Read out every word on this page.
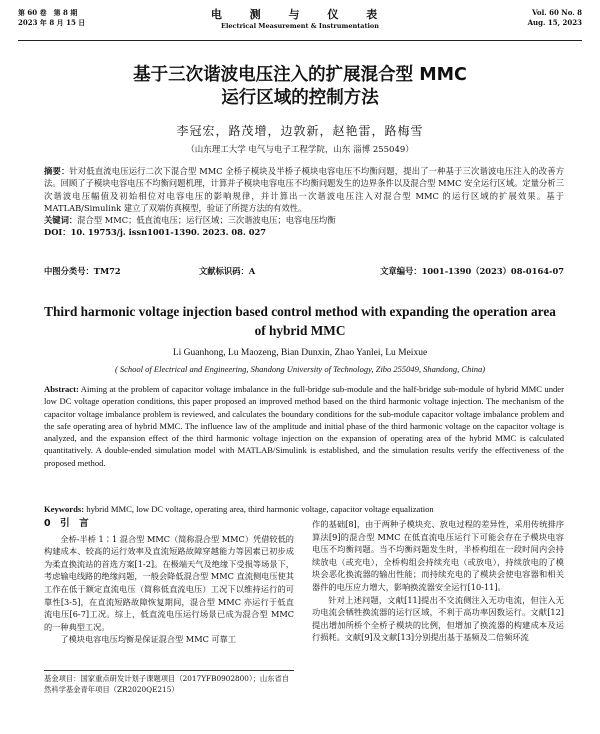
第 60 卷　第 8 期
2023 年 8 月 15 日
电 测 与 仪 表
Electrical Measurement & Instrumentation
Vol. 60 No. 8
Aug. 15, 2023
基于三次谐波电压注入的扩展混合型 MMC
运行区域的控制方法
李冠宏，路茂增，边敦新，赵艳雷，路梅雪
（山东理工大学 电气与电子工程学院，山东 淄博 255049）
摘要：针对低直流电压运行二次下混合型 MMC 全桥子模块及半桥子模块电容电压不均衡问题，提出了一种基于三次谐波电压注入的改善方法。回顾了子模块电容电压不均衡问题机理，计算并子模块电容电压不均衡问题发生的边界条件以及混合型 MMC 安全运行区域。定量分析三次谐波电压幅值及初始相位对电容电压的影响规律，并计算出一次谐波电压注入对混合型 MMC 的运行区域的扩展效果。基于 MATLAB/Simulink 建立了双端仿真模型，验证了所提方法的有效性。
关键词：混合型 MMC；低直流电压；运行区域；三次谐波电压；电容电压均衡
DOI：10. 19753/j. issn1001-1390. 2023. 08. 027
中图分类号：TM72	文献标识码：A	文章编号：1001-1390（2023）08-0164-07
Third harmonic voltage injection based control method with expanding the operation area of hybrid MMC
Li Guanhong, Lu Maozeng, Bian Dunxin, Zhao Yanlei, Lu Meixue
( School of Electrical and Engineering, Shandong University of Technology, Zibo 255049, Shandong, China)
Abstract: Aiming at the problem of capacitor voltage imbalance in the full-bridge sub-module and the half-bridge sub-module of hybrid MMC under low DC voltage operation conditions, this paper proposed an improved method based on the third harmonic voltage injection. The mechanism of the capacitor voltage imbalance problem is reviewed, and calculates the boundary conditions for the sub-module capacitor voltage imbalance problem and the safe operating area of hybrid MMC. The influence law of the amplitude and initial phase of the third harmonic voltage on the capacitor voltage is analyzed, and the expansion effect of the third harmonic voltage injection on the expansion of operating area of the hybrid MMC is calculated quantitatively. A double-ended simulation model with MATLAB/Simulink is established, and the simulation results verify the effectiveness of the proposed method.
Keywords: hybrid MMC, low DC voltage, operating area, third harmonic voltage, capacitor voltage equalization
0　引　言
全桥-半桥 1∶1 混合型 MMC（简称混合型 MMC）凭借较低的构建成本、较高的运行效率及直流短路故障穿越能力等因素已初步成为柔直换流站的首选方案[1-2]。在极端天气及绝缘下受损等场景下，考虑输电线路的绝缘问题，一般会降低混合型 MMC 直流侧电压使其工作在低于额定直流电压（简称低直流电压）工况下以维持运行的可靠性[3-5]，在直流短路故障恢复期间，混合型 MMC 亦运行于低直流电压[6-7]工况。综上，低直流电压运行场景已成为混合型 MMC 的一种典型工况。
了模块电容电压均衡是保证混合型 MMC 可靠工
基金项目：国家重点研发计划子课题项目（2017YFB0902800）；山东省自然科学基金青年项目（ZR2020QE215）
作的基础[8]，由于两种子模块充、放电过程的差异性，采用传统排序算法[9]的混合型 MMC 在低直流电压运行下可能会存在子模块电容电压不均衡问题。当不均衡问题发生时，半桥构组在一段时间内会持续放电（或充电），全桥构组会持续充电（或放电），持续放电的了模块会恶化换流器的输出性能；而持续充电的了模块会使电容器和相关器件的电压应力增大，影响换流器安全运行[10-11]。
针对上述问题，文献[11]提出不交流侧注入无功电流，但注入无功电流会牺牲换流器的运行区域，不利于高功率因数运行。文献[12]提出增加所桥个全桥子模块的比例，但增加了换流器的构建成本及运行损耗。文献[9]及文献[13]分别提出基于基频及二倍频环流
